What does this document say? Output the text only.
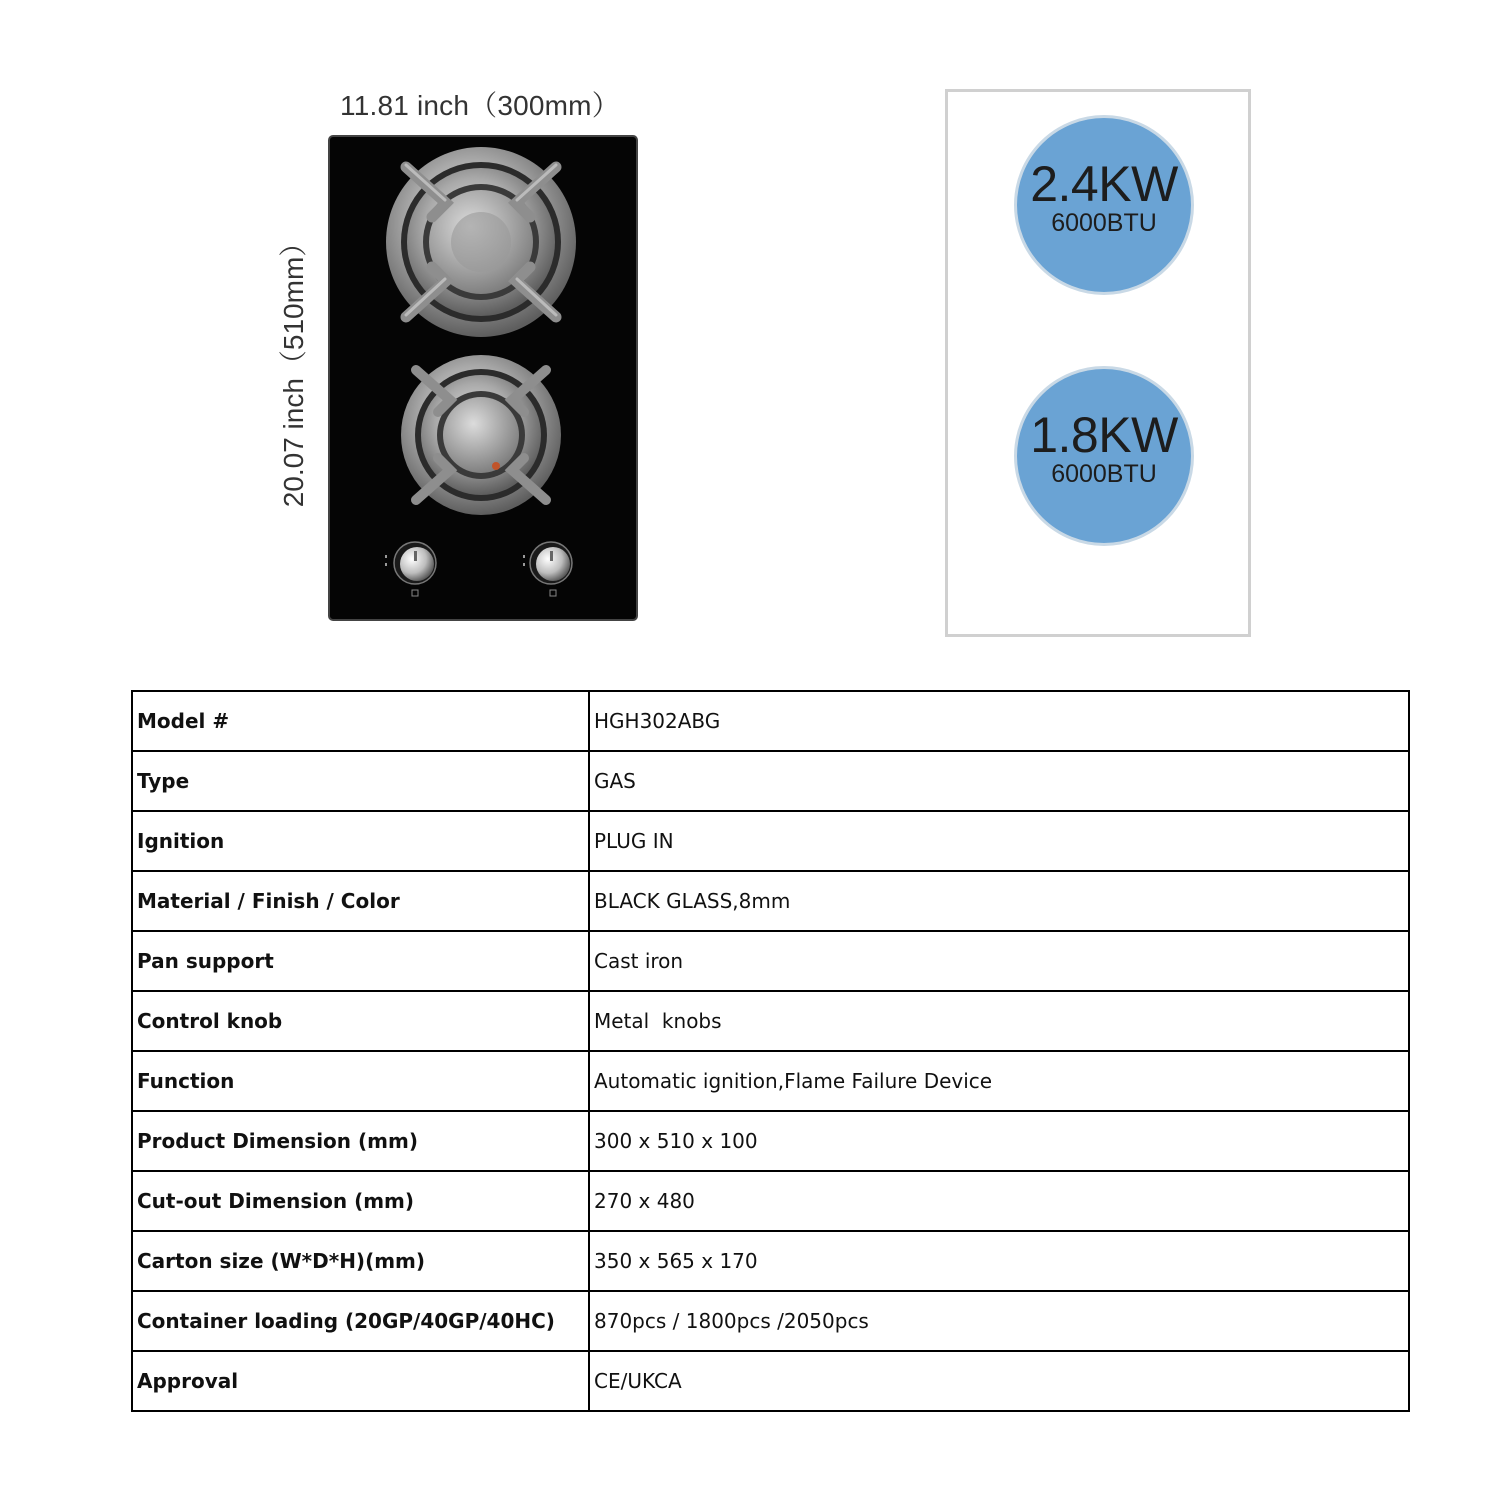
11.81 inch（300mm）
20.07 inch（510mm）
2.4KW
6000BTU
1.8KW
6000BTU
Model #	HGH302ABG
Type	GAS
Ignition	PLUG IN
Material / Finish / Color	BLACK GLASS,8mm
Pan support	Cast iron
Control knob	Metal  knobs
Function	Automatic ignition,Flame Failure Device
Product Dimension (mm)	300 x 510 x 100
Cut-out Dimension (mm)	270 x 480
Carton size (W*D*H)(mm)	350 x 565 x 170
Container loading (20GP/40GP/40HC)	870pcs / 1800pcs /2050pcs
Approval	CE/UKCA
